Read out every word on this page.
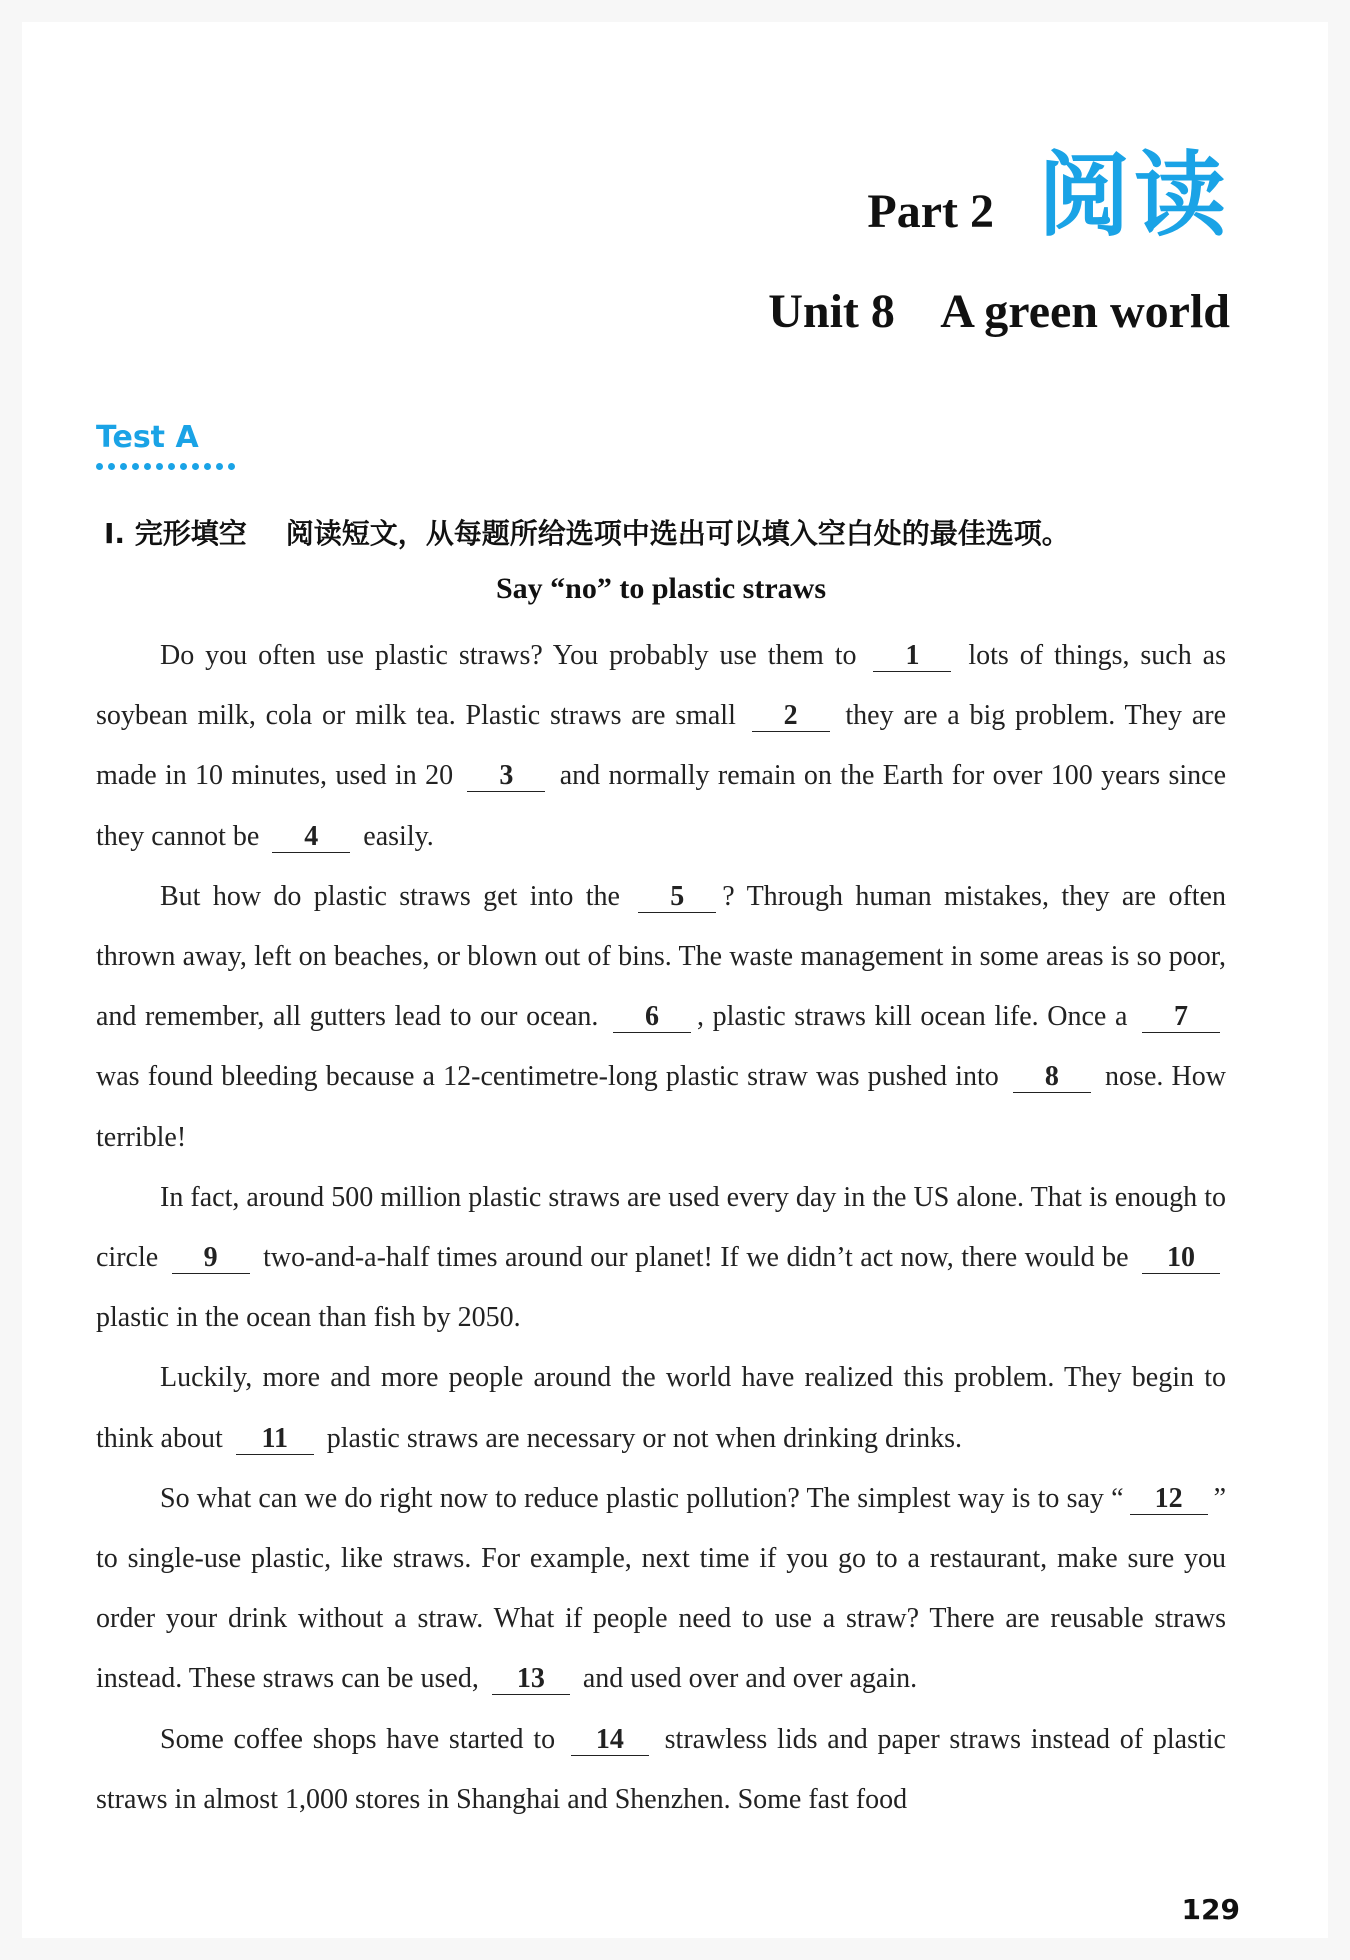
Part 2 阅读
Unit 8    A green world
Test A
Ⅰ. 完形填空    阅读短文，从每题所给选项中选出可以填入空白处的最佳选项。
Say “no” to plastic straws

Do you often use plastic straws? You probably use them to 1 lots of things, such as soybean milk, cola or milk tea. Plastic straws are small 2 they are a big problem. They are made in 10 minutes, used in 20 3 and normally remain on the Earth for over 100 years since they cannot be 4 easily.

But how do plastic straws get into the 5 ? Through human mistakes, they are often thrown away, left on beaches, or blown out of bins. The waste management in some areas is so poor, and remember, all gutters lead to our ocean. 6 , plastic straws kill ocean life. Once a 7 was found bleeding because a 12-centimetre-long plastic straw was pushed into 8 nose. How terrible!

In fact, around 500 million plastic straws are used every day in the US alone. That is enough to circle 9 two-and-a-half times around our planet! If we didn’t act now, there would be 10 plastic in the ocean than fish by 2050.

Luckily, more and more people around the world have realized this problem. They begin to think about 11 plastic straws are necessary or not when drinking drinks.

So what can we do right now to reduce plastic pollution? The simplest way is to say “ 12 ” to single-use plastic, like straws. For example, next time if you go to a restaurant, make sure you order your drink without a straw. What if people need to use a straw? There are reusable straws instead. These straws can be used, 13 and used over and over again.

Some coffee shops have started to 14 strawless lids and paper straws instead of plastic straws in almost 1,000 stores in Shanghai and Shenzhen. Some fast food

129
